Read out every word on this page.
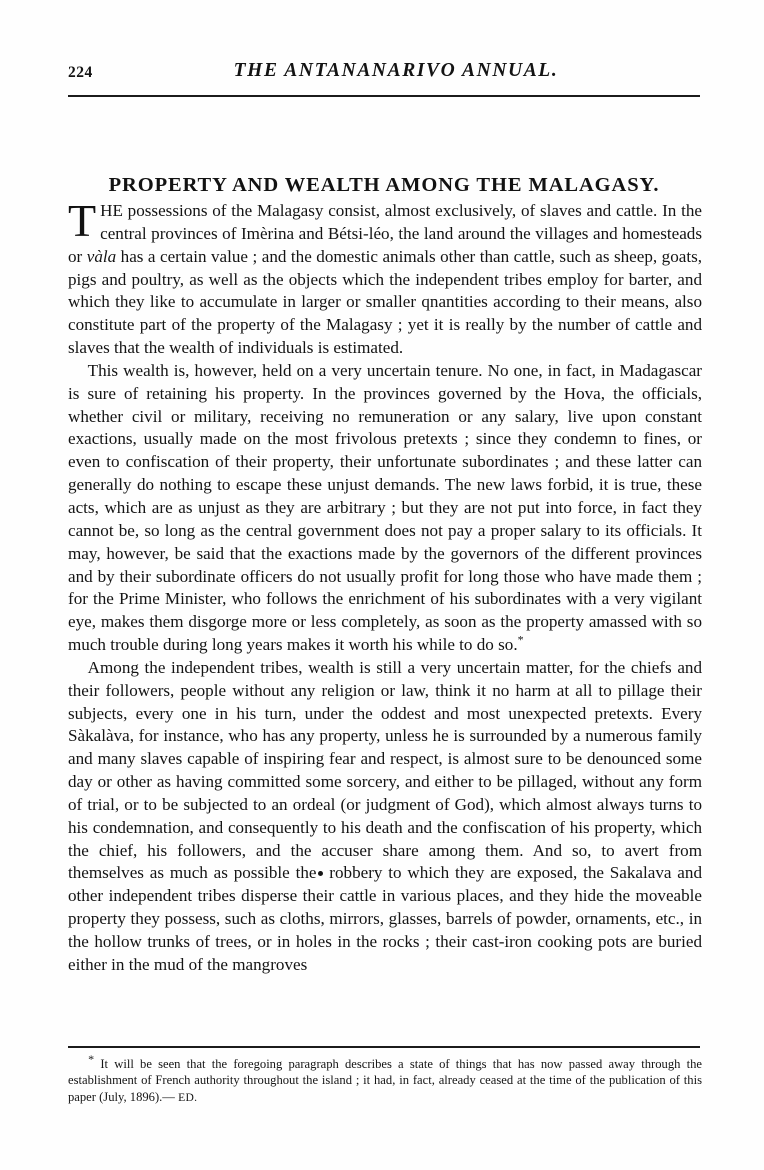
224	THE ANTANANARIVO ANNUAL.
PROPERTY AND WEALTH AMONG THE MALAGASY.

THE possessions of the Malagasy consist, almost exclusively, of slaves and cattle. In the central provinces of Imèrina and Bétsi-léo, the land around the villages and homesteads or vàla has a certain value ; and the domestic animals other than cattle, such as sheep, goats, pigs and poultry, as well as the objects which the independent tribes employ for barter, and which they like to accumulate in larger or smaller qnantities according to their means, also constitute part of the property of the Malagasy ; yet it is really by the number of cattle and slaves that the wealth of individuals is estimated.

This wealth is, however, held on a very uncertain tenure. No one, in fact, in Madagascar is sure of retaining his property. In the provinces governed by the Hova, the officials, whether civil or military, receiving no remuneration or any salary, live upon constant exactions, usually made on the most frivolous pretexts ; since they condemn to fines, or even to confiscation of their property, their unfortunate subordinates ; and these latter can generally do nothing to escape these unjust demands. The new laws forbid, it is true, these acts, which are as unjust as they are arbitrary ; but they are not put into force, in fact they cannot be, so long as the central government does not pay a proper salary to its officials. It may, however, be said that the exactions made by the governors of the different provinces and by their subordinate officers do not usually profit for long those who have made them ; for the Prime Minister, who follows the enrichment of his subordinates with a very vigilant eye, makes them disgorge more or less completely, as soon as the property amassed with so much trouble during long years makes it worth his while to do so.*

Among the independent tribes, wealth is still a very uncertain matter, for the chiefs and their followers, people without any religion or law, think it no harm at all to pillage their subjects, every one in his turn, under the oddest and most unexpected pretexts. Every Sàkalàva, for instance, who has any property, unless he is surrounded by a numerous family and many slaves capable of inspiring fear and respect, is almost sure to be denounced some day or other as having committed some sorcery, and either to be pillaged, without any form of trial, or to be subjected to an ordeal (or judgment of God), which almost always turns to his condemnation, and consequently to his death and the confiscation of his property, which the chief, his followers, and the accuser share among them. And so, to avert from themselves as much as possible the robbery to which they are exposed, the Sakalava and other independent tribes disperse their cattle in various places, and they hide the moveable property they possess, such as cloths, mirrors, glasses, barrels of powder, ornaments, etc., in the hollow trunks of trees, or in holes in the rocks ; their cast-iron cooking pots are buried either in the mud of the mangroves

* It will be seen that the foregoing paragraph describes a state of things that has now passed away through the establishment of French authority throughout the island ; it had, in fact, already ceased at the time of the publication of this paper (July, 1896).— ED.
